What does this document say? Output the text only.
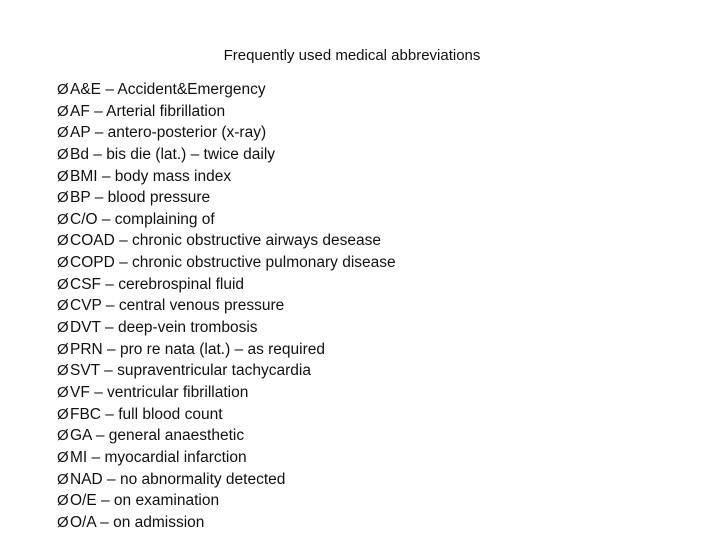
Frequently used medical abbreviations
ØA&E – Accident&Emergency
ØAF – Arterial fibrillation
ØAP – antero-posterior (x-ray)
ØBd – bis die (lat.) – twice daily
ØBMI – body mass index
ØBP – blood pressure
ØC/O – complaining of
ØCOAD – chronic obstructive airways desease
ØCOPD – chronic obstructive pulmonary disease
ØCSF – cerebrospinal fluid
ØCVP – central venous pressure
ØDVT – deep-vein trombosis
ØPRN – pro re nata (lat.) – as required
ØSVT – supraventricular tachycardia
ØVF – ventricular fibrillation
ØFBC – full blood count
ØGA – general anaesthetic
ØMI – myocardial infarction
ØNAD – no abnormality detected
ØO/E – on examination
ØO/A – on admission
